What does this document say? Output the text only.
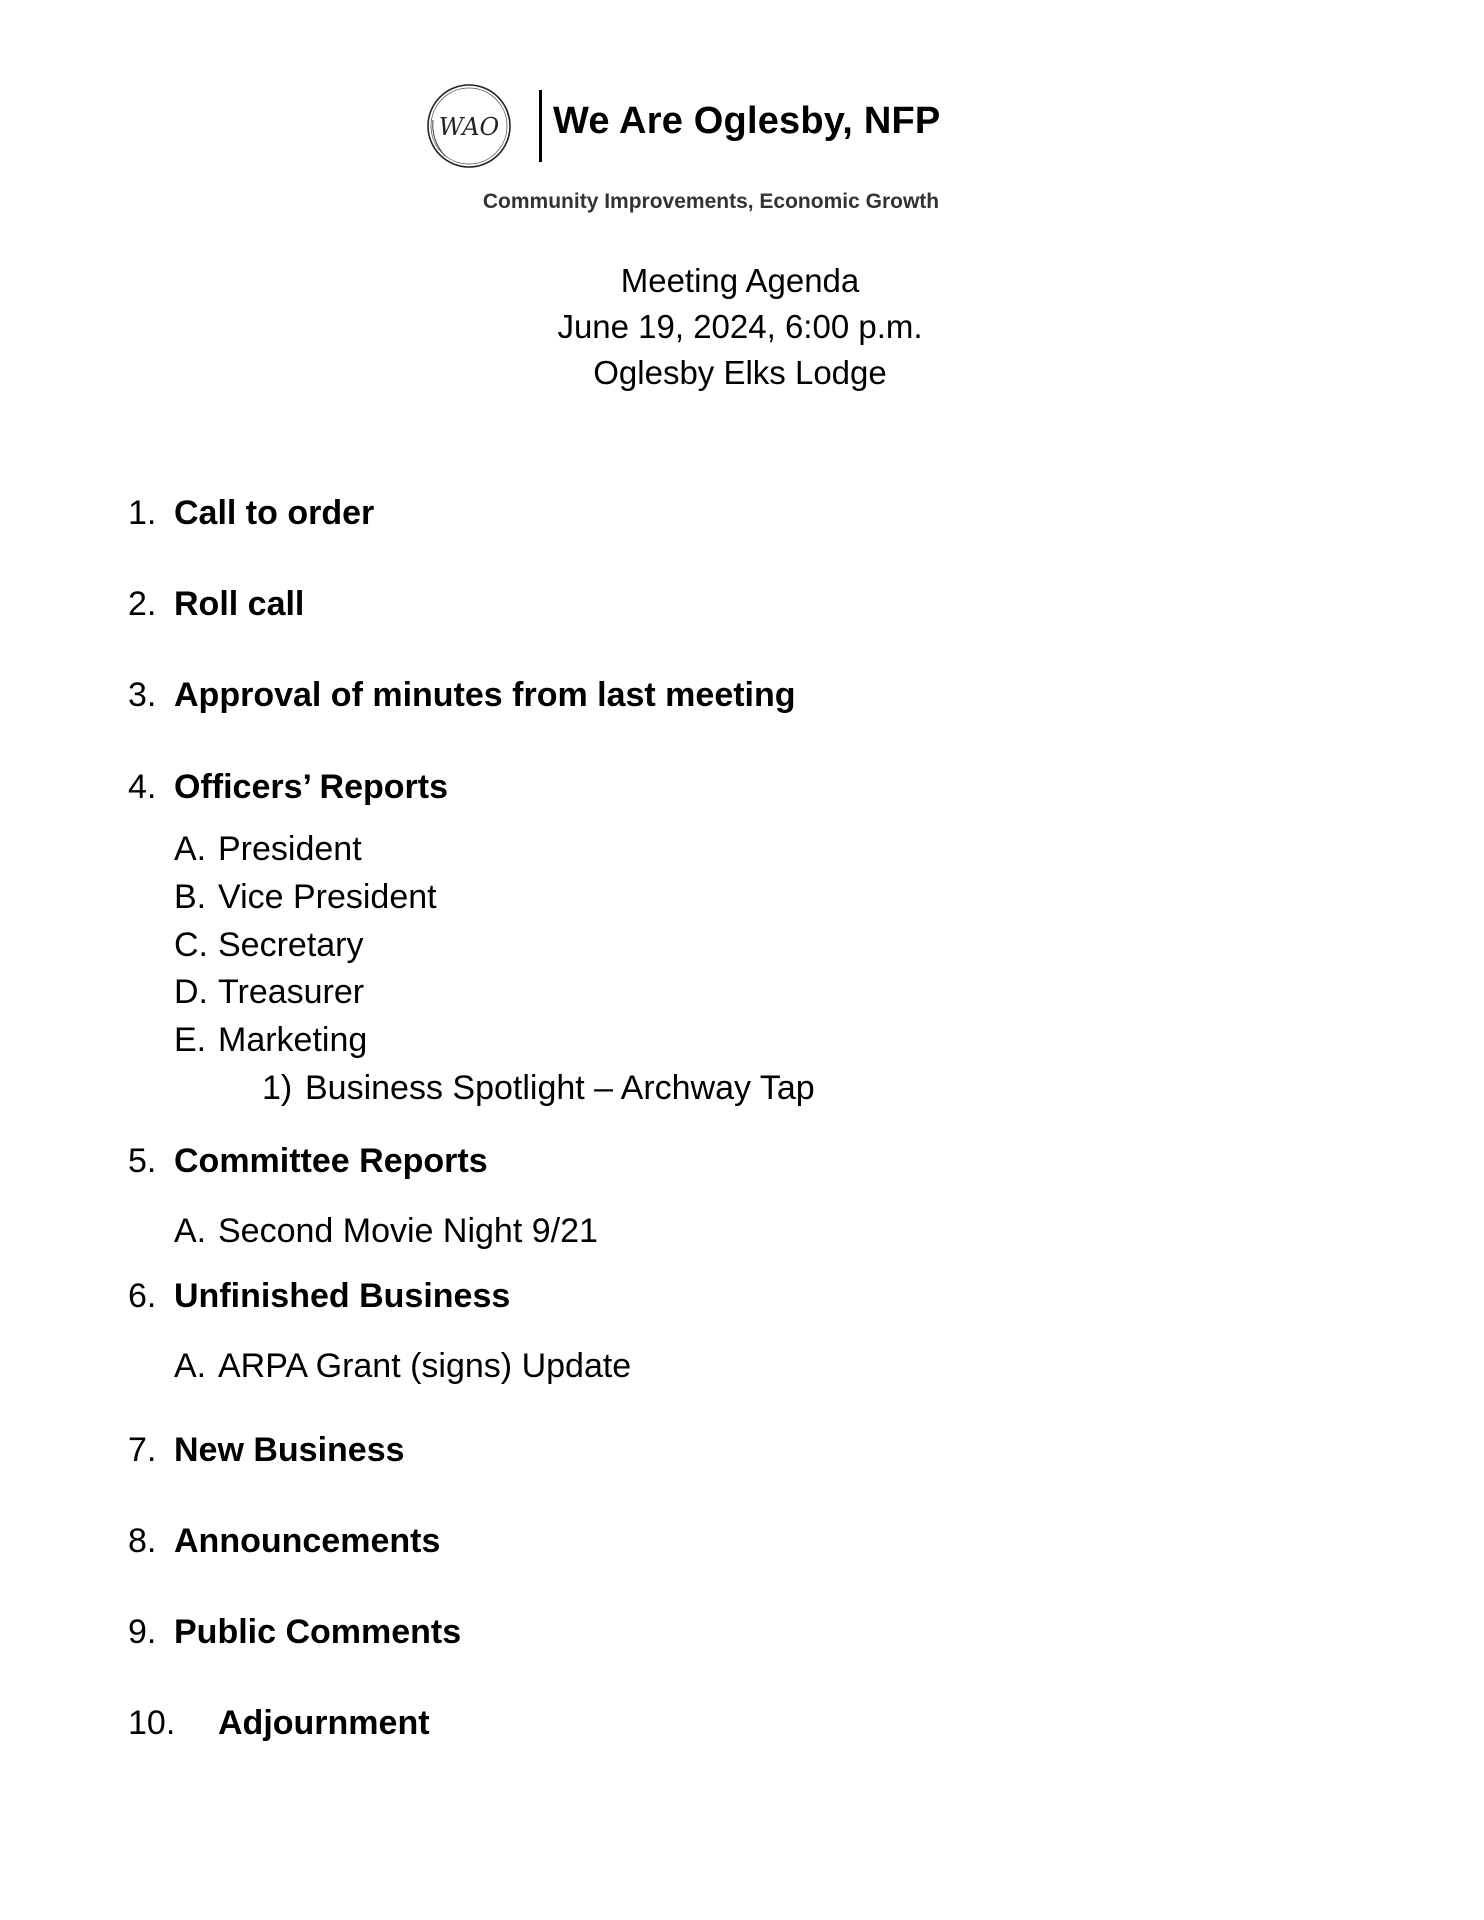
WAO We Are Oglesby, NFP
Community Improvements, Economic Growth
Meeting Agenda
June 19, 2024, 6:00 p.m.
Oglesby Elks Lodge
1. Call to order
2. Roll call
3. Approval of minutes from last meeting
4. Officers’ Reports
A. President
B. Vice President
C. Secretary
D. Treasurer
E. Marketing
1) Business Spotlight – Archway Tap
5. Committee Reports
A. Second Movie Night 9/21
6. Unfinished Business
A. ARPA Grant (signs) Update
7. New Business
8. Announcements
9. Public Comments
10. Adjournment
